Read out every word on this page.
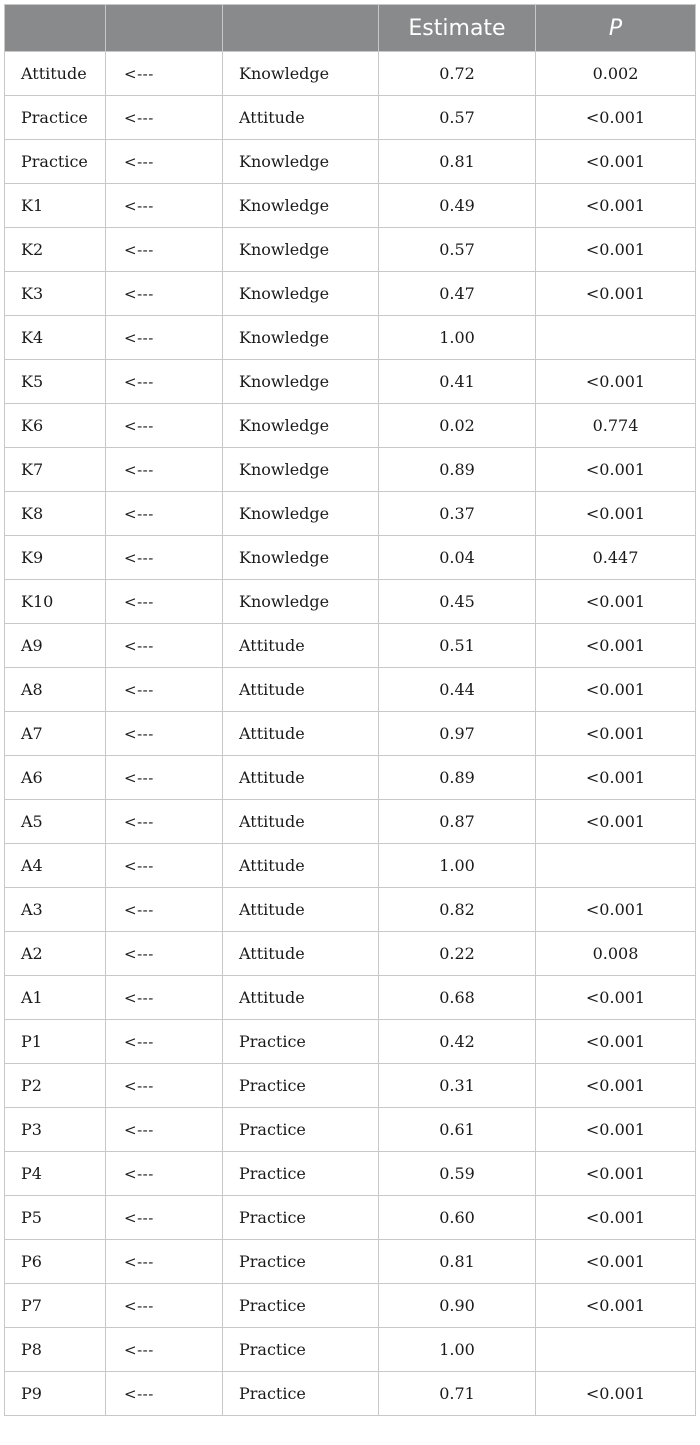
			Estimate	P
Attitude	<---	Knowledge	0.72	0.002
Practice	<---	Attitude	0.57	<0.001
Practice	<---	Knowledge	0.81	<0.001
K1	<---	Knowledge	0.49	<0.001
K2	<---	Knowledge	0.57	<0.001
K3	<---	Knowledge	0.47	<0.001
K4	<---	Knowledge	1.00	
K5	<---	Knowledge	0.41	<0.001
K6	<---	Knowledge	0.02	0.774
K7	<---	Knowledge	0.89	<0.001
K8	<---	Knowledge	0.37	<0.001
K9	<---	Knowledge	0.04	0.447
K10	<---	Knowledge	0.45	<0.001
A9	<---	Attitude	0.51	<0.001
A8	<---	Attitude	0.44	<0.001
A7	<---	Attitude	0.97	<0.001
A6	<---	Attitude	0.89	<0.001
A5	<---	Attitude	0.87	<0.001
A4	<---	Attitude	1.00	
A3	<---	Attitude	0.82	<0.001
A2	<---	Attitude	0.22	0.008
A1	<---	Attitude	0.68	<0.001
P1	<---	Practice	0.42	<0.001
P2	<---	Practice	0.31	<0.001
P3	<---	Practice	0.61	<0.001
P4	<---	Practice	0.59	<0.001
P5	<---	Practice	0.60	<0.001
P6	<---	Practice	0.81	<0.001
P7	<---	Practice	0.90	<0.001
P8	<---	Practice	1.00	
P9	<---	Practice	0.71	<0.001
